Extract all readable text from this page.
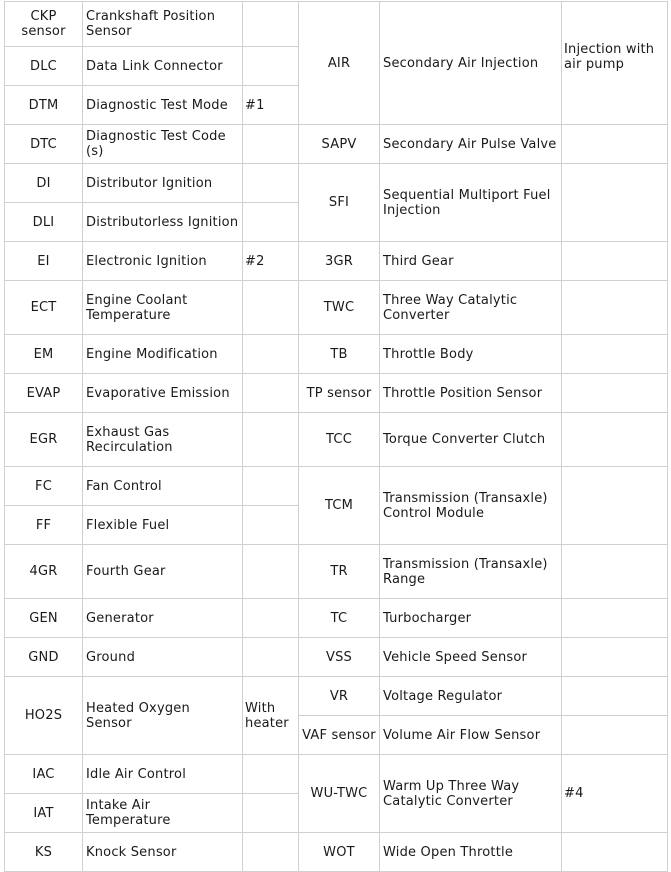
CKP sensor	Crankshaft Position Sensor		AIR	Secondary Air Injection	Injection with air pump
DLC	Data Link Connector				
DTM	Diagnostic Test Mode	#1			
DTC	Diagnostic Test Code (s)		SAPV	Secondary Air Pulse Valve	
DI	Distributor Ignition		SFI	Sequential Multiport Fuel Injection	
DLI	Distributorless Ignition				
EI	Electronic Ignition	#2	3GR	Third Gear	
ECT	Engine Coolant Temperature		TWC	Three Way Catalytic Converter	
EM	Engine Modification		TB	Throttle Body	
EVAP	Evaporative Emission		TP sensor	Throttle Position Sensor	
EGR	Exhaust Gas Recirculation		TCC	Torque Converter Clutch	
FC	Fan Control		TCM	Transmission (Transaxle) Control Module	
FF	Flexible Fuel				
4GR	Fourth Gear		TR	Transmission (Transaxle) Range	
GEN	Generator		TC	Turbocharger	
GND	Ground		VSS	Vehicle Speed Sensor	
HO2S	Heated Oxygen Sensor	With heater	VR	Voltage Regulator	
			VAF sensor	Volume Air Flow Sensor	
IAC	Idle Air Control		WU-TWC	Warm Up Three Way Catalytic Converter	#4
IAT	Intake Air Temperature				
KS	Knock Sensor		WOT	Wide Open Throttle	
